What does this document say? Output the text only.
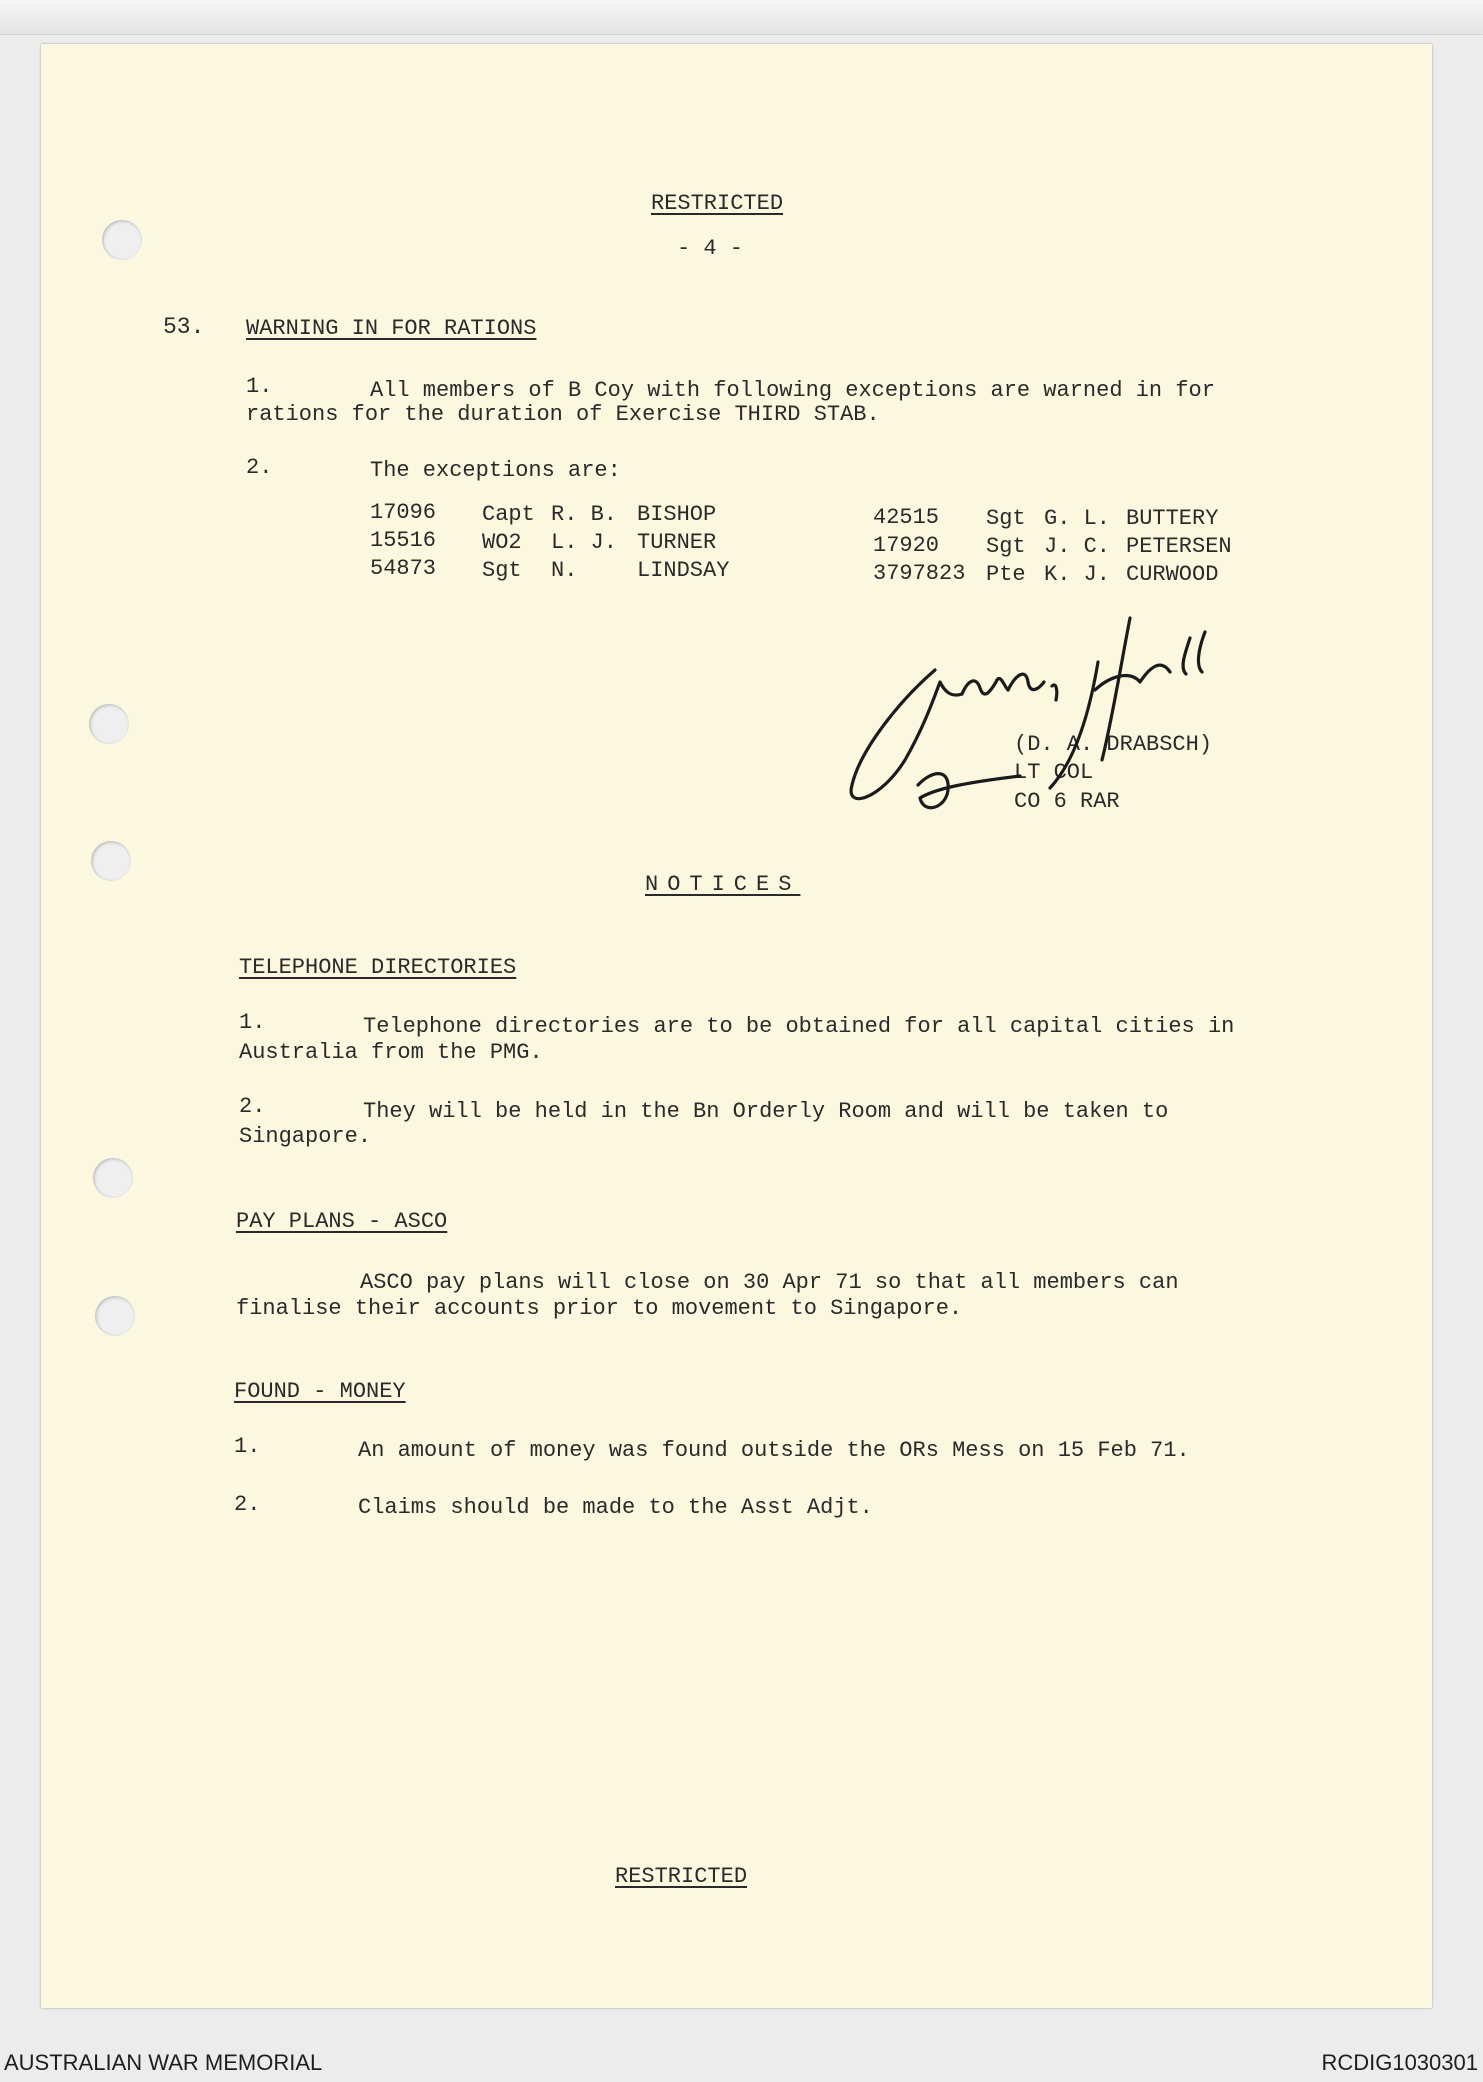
RESTRICTED
- 4 -
53. WARNING IN FOR RATIONS
1.	All members of B Coy with following exceptions are warned in for
rations for the duration of Exercise THIRD STAB.
2.	The exceptions are:
17096 Capt R. B. BISHOP
15516 WO2 L. J. TURNER
54873 Sgt N.	LINDSAY
42515 Sgt G. L. BUTTERY
17920 Sgt J. C. PETERSEN
3797823 Pte K. J. CURWOOD
(D. A. DRABSCH)
LT COL
CO 6 RAR
NOTICES
TELEPHONE DIRECTORIES
1.	Telephone directories are to be obtained for all capital cities in
Australia from the PMG.
2.	They will be held in the Bn Orderly Room and will be taken to
Singapore.
PAY PLANS - ASCO
ASCO pay plans will close on 30 Apr 71 so that all members can
finalise their accounts prior to movement to Singapore.
FOUND - MONEY
1.	An amount of money was found outside the ORs Mess on 15 Feb 71.
2.	Claims should be made to the Asst Adjt.
RESTRICTED
AUSTRALIAN WAR MEMORIAL	RCDIG1030301
